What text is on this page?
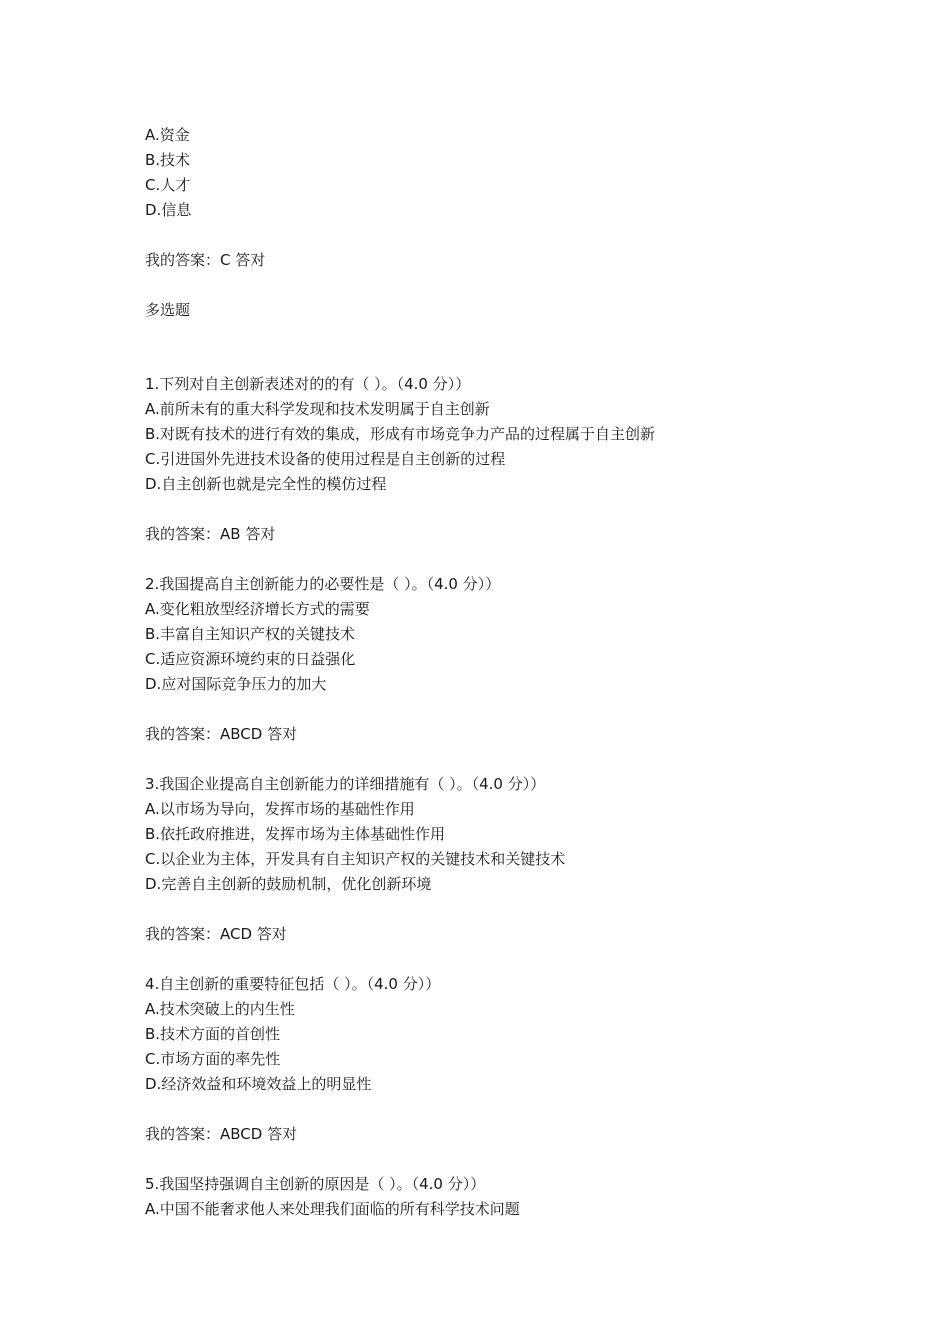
A.资金
B.技术
C.人才
D.信息
我的答案：C 答对
多选题
1.下列对自主创新表述对的的有（ ）。（4.0 分））
A.前所未有的重大科学发现和技术发明属于自主创新
B.对既有技术的进行有效的集成，形成有市场竞争力产品的过程属于自主创新
C.引进国外先进技术设备的使用过程是自主创新的过程
D.自主创新也就是完全性的模仿过程
我的答案：AB 答对
2.我国提高自主创新能力的必要性是（ ）。（4.0 分））
A.变化粗放型经济增长方式的需要
B.丰富自主知识产权的关键技术
C.适应资源环境约束的日益强化
D.应对国际竞争压力的加大
我的答案：ABCD 答对
3.我国企业提高自主创新能力的详细措施有（ ）。（4.0 分））
A.以市场为导向，发挥市场的基础性作用
B.依托政府推进，发挥市场为主体基础性作用
C.以企业为主体，开发具有自主知识产权的关键技术和关键技术
D.完善自主创新的鼓励机制，优化创新环境
我的答案：ACD 答对
4.自主创新的重要特征包括（ ）。（4.0 分））
A.技术突破上的内生性
B.技术方面的首创性
C.市场方面的率先性
D.经济效益和环境效益上的明显性
我的答案：ABCD 答对
5.我国坚持强调自主创新的原因是（ ）。（4.0 分））
A.中国不能奢求他人来处理我们面临的所有科学技术问题
